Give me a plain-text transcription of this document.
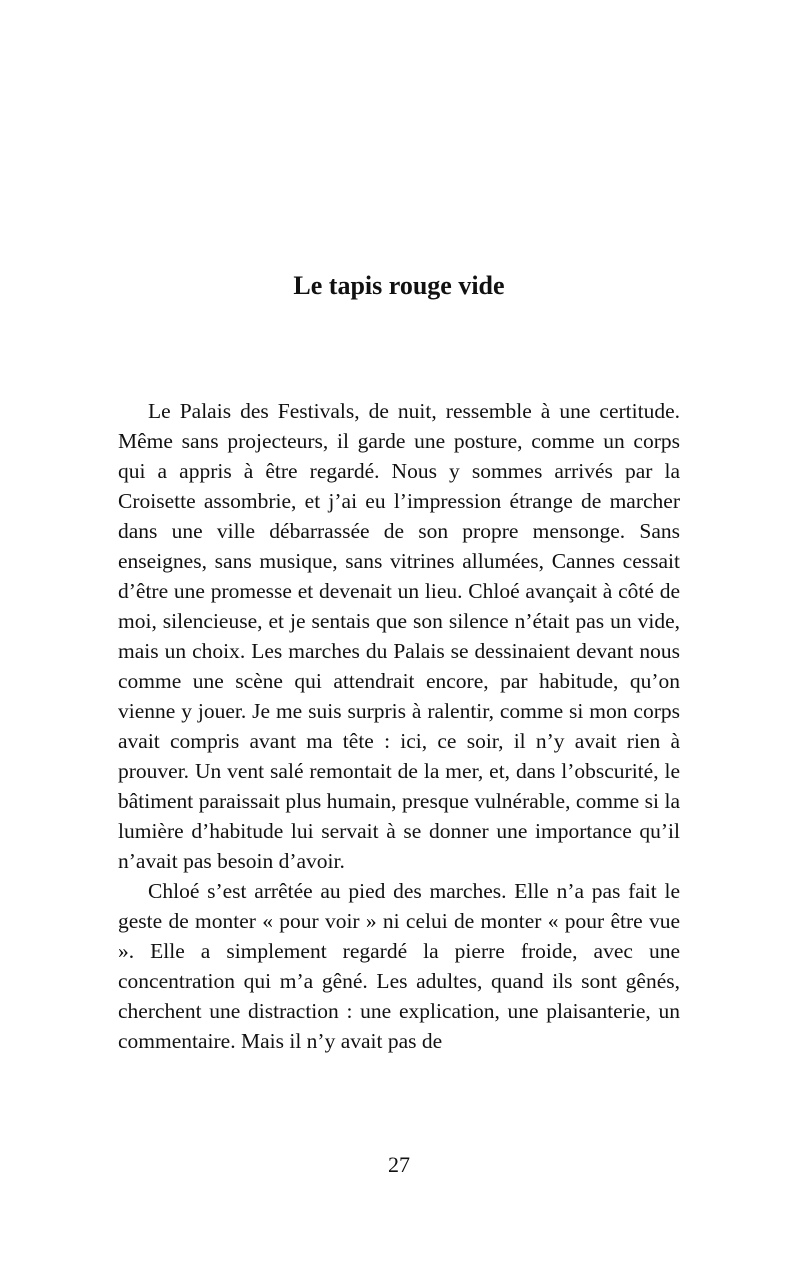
Le tapis rouge vide

Le Palais des Festivals, de nuit, ressemble à une certitude. Même sans projecteurs, il garde une posture, comme un corps qui a appris à être regardé. Nous y sommes arrivés par la Croisette assombrie, et j’ai eu l’impression étrange de marcher dans une ville débarrassée de son propre mensonge. Sans enseignes, sans musique, sans vitrines allumées, Cannes cessait d’être une promesse et devenait un lieu. Chloé avançait à côté de moi, silencieuse, et je sentais que son silence n’était pas un vide, mais un choix. Les marches du Palais se dessinaient devant nous comme une scène qui attendrait encore, par habitude, qu’on vienne y jouer. Je me suis surpris à ralentir, comme si mon corps avait compris avant ma tête : ici, ce soir, il n’y avait rien à prouver. Un vent salé remontait de la mer, et, dans l’obscurité, le bâtiment paraissait plus humain, presque vulnérable, comme si la lumière d’habitude lui servait à se donner une importance qu’il n’avait pas besoin d’avoir.

Chloé s’est arrêtée au pied des marches. Elle n’a pas fait le geste de monter « pour voir » ni celui de monter « pour être vue ». Elle a simplement regardé la pierre froide, avec une concentration qui m’a gêné. Les adultes, quand ils sont gênés, cherchent une distraction : une explication, une plaisanterie, un commentaire. Mais il n’y avait pas de

27
